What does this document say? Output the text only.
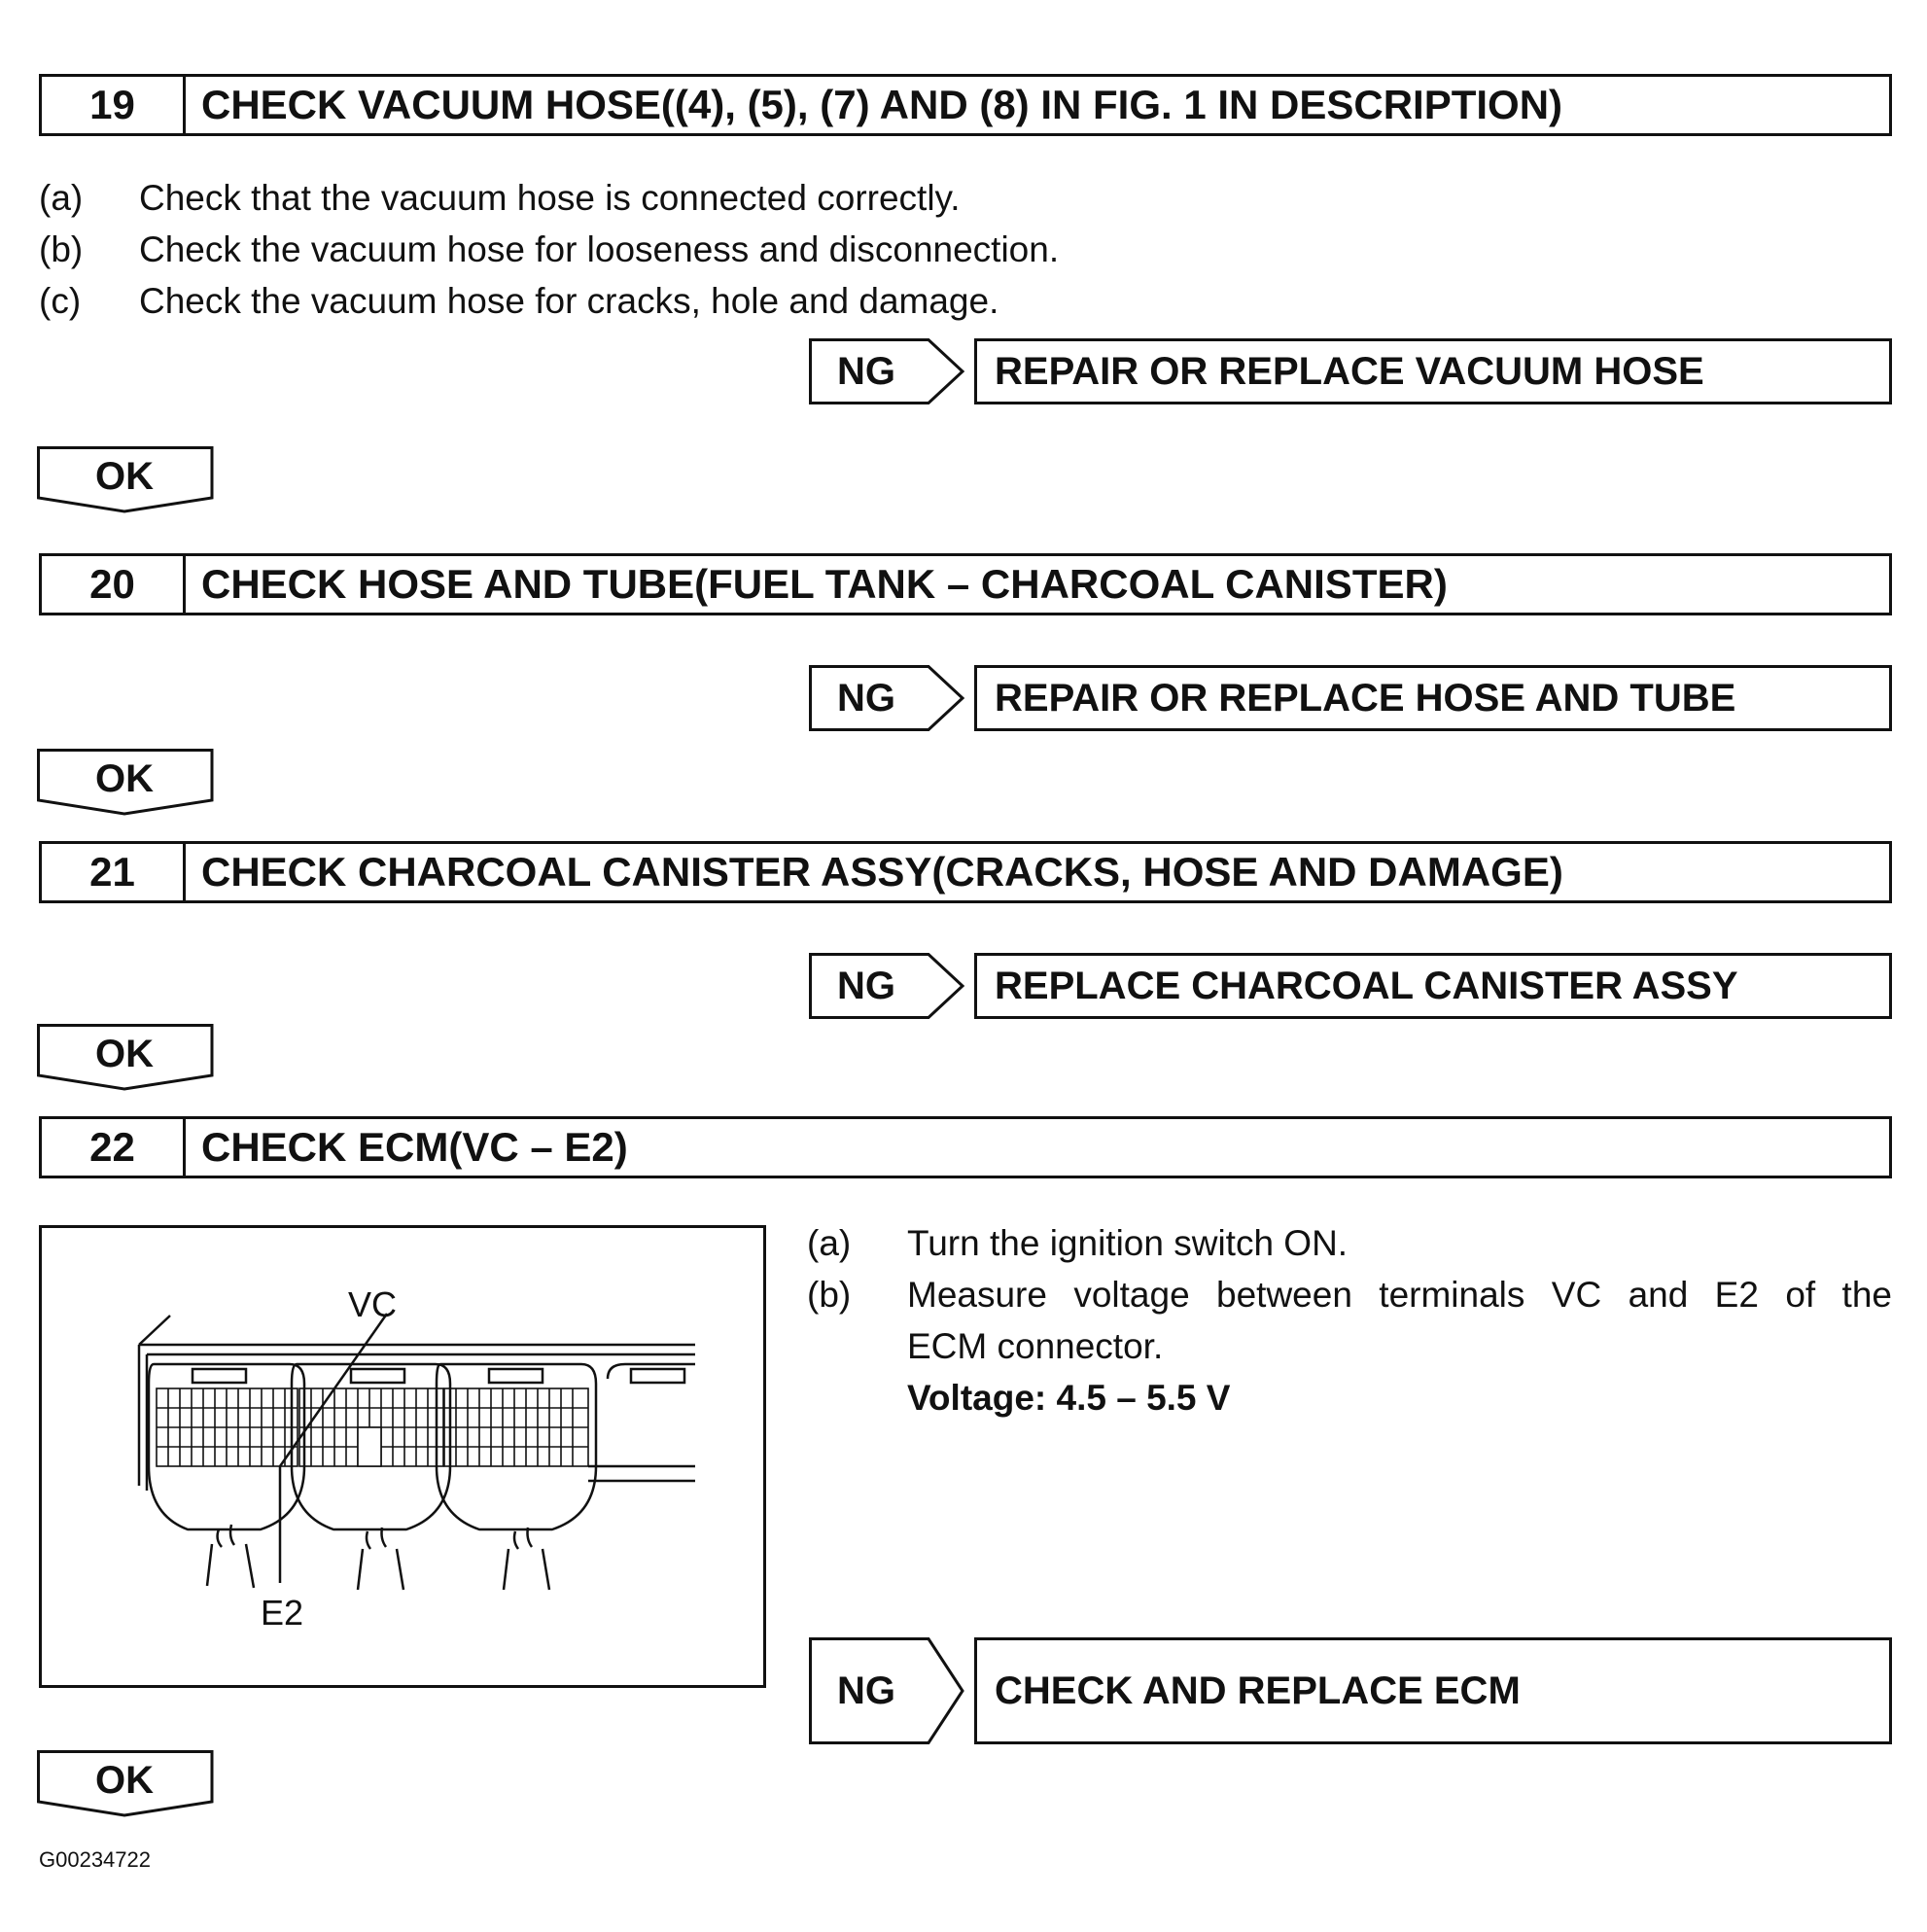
19	CHECK VACUUM HOSE((4), (5), (7) AND (8) IN FIG. 1 IN DESCRIPTION)
(a) Check that the vacuum hose is connected correctly.
(b) Check the vacuum hose for looseness and disconnection.
(c) Check the vacuum hose for cracks, hole and damage.
NG	REPAIR OR REPLACE VACUUM HOSE
OK
20	CHECK HOSE AND TUBE(FUEL TANK – CHARCOAL CANISTER)
NG	REPAIR OR REPLACE HOSE AND TUBE
OK
21	CHECK CHARCOAL CANISTER ASSY(CRACKS, HOSE AND DAMAGE)
NG	REPLACE CHARCOAL CANISTER ASSY
OK
22	CHECK ECM(VC – E2)
VC
E2
(a) Turn the ignition switch ON.
(b) Measure voltage between terminals VC and E2 of the
ECM connector.
Voltage: 4.5 – 5.5 V
NG	CHECK AND REPLACE ECM
OK
G00234722
